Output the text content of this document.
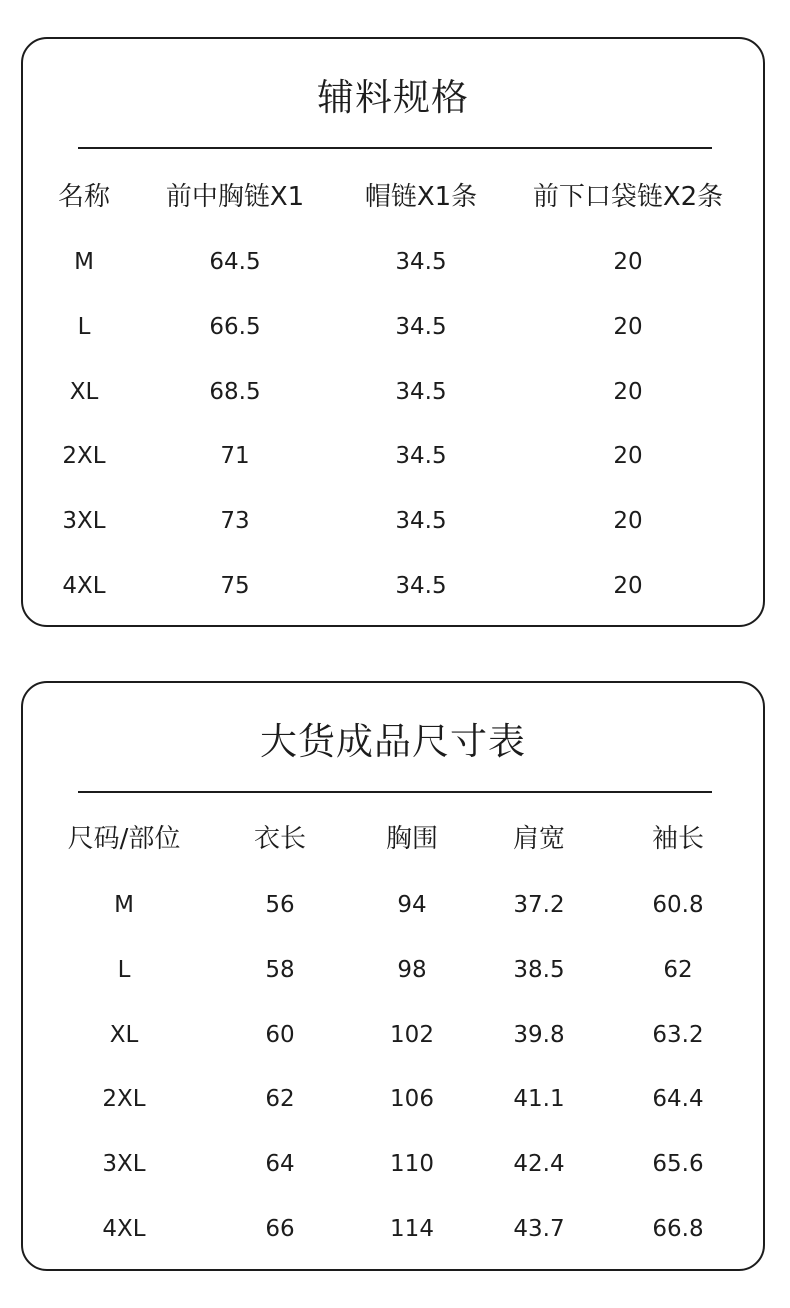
辅料规格
名称	前中胸链X1	帽链X1条	前下口袋链X2条
M	64.5	34.5	20
L	66.5	34.5	20
XL	68.5	34.5	20
2XL	71	34.5	20
3XL	73	34.5	20
4XL	75	34.5	20
大货成品尺寸表
尺码/部位	衣长	胸围	肩宽	袖长
M	56	94	37.2	60.8
L	58	98	38.5	62
XL	60	102	39.8	63.2
2XL	62	106	41.1	64.4
3XL	64	110	42.4	65.6
4XL	66	114	43.7	66.8
